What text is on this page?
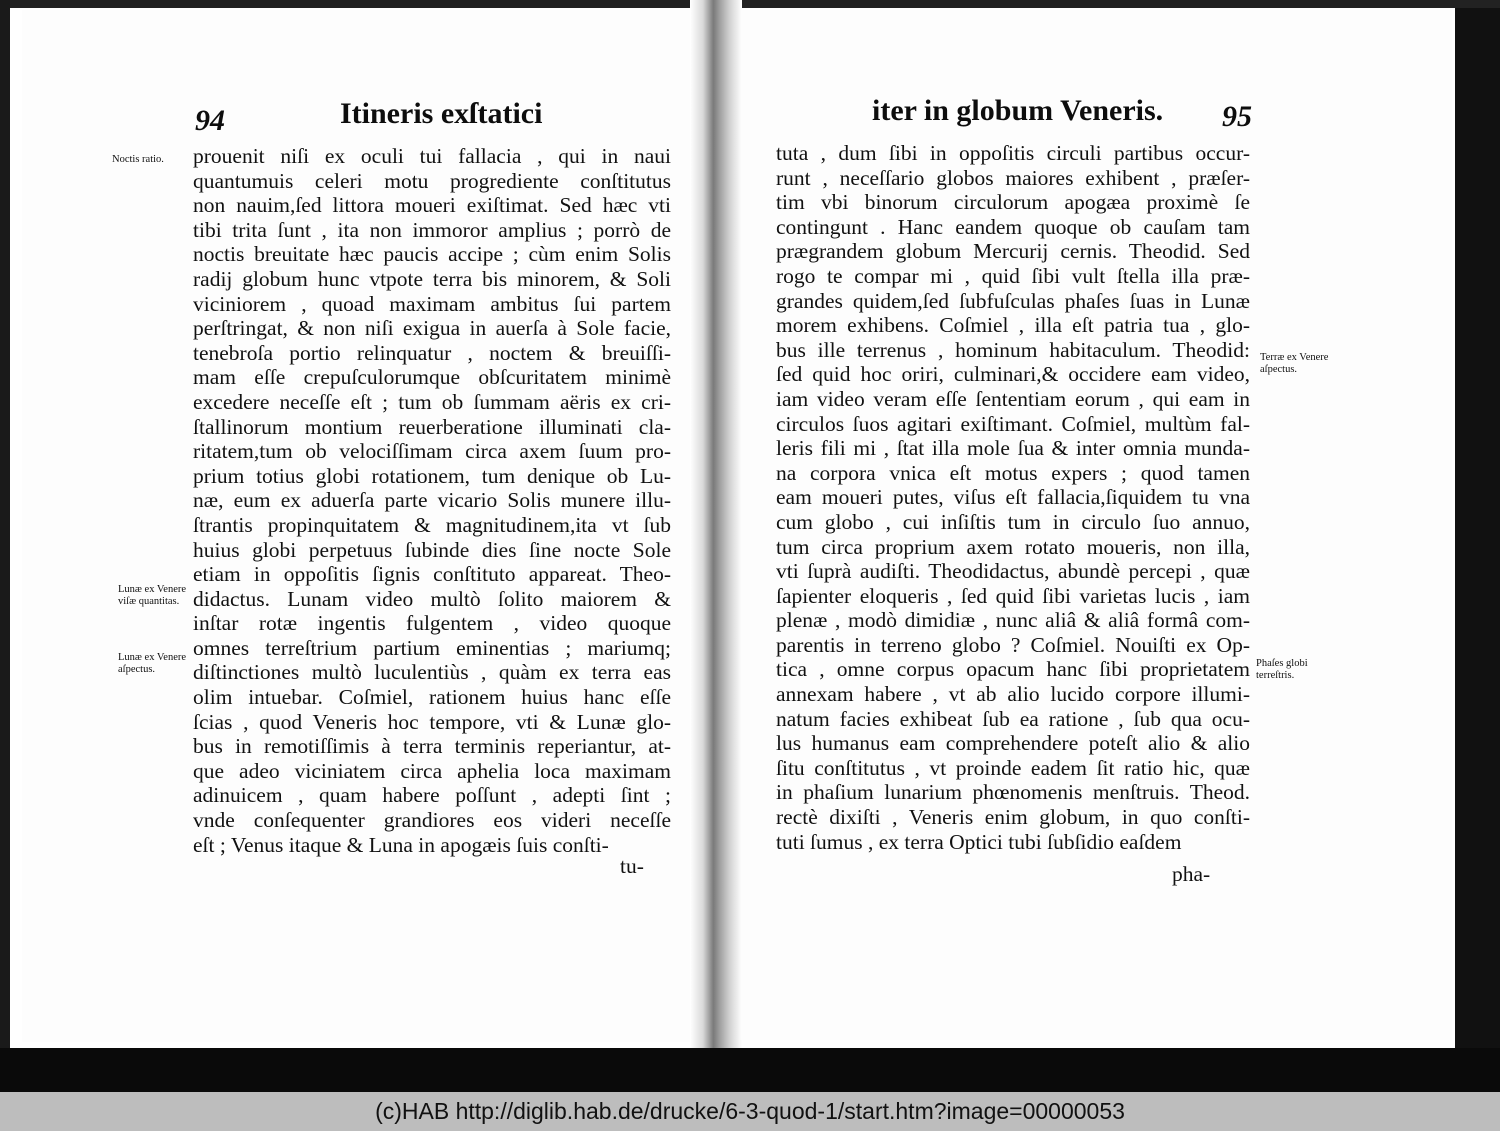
94	Itineris exſtatici
Noctis ratio.
Lunæ ex Venere viſæ quantitas.
Lunæ ex Venere aſpectus.
prouenit niſi ex oculi tui fallacia , qui in naui
quantumuis celeri motu progrediente conſtitutus
non nauim,ſed littora moueri exiſtimat. Sed hæc vti
tibi trita ſunt , ita non immoror amplius ; porrò de
noctis breuitate hæc paucis accipe ; cùm enim Solis
radij globum hunc vtpote terra bis minorem, & Soli
viciniorem , quoad maximam ambitus ſui partem
perſtringat, & non niſi exigua in auerſa à Sole facie,
tenebroſa portio relinquatur , noctem & breuiſſi-
mam eſſe crepuſculorumque obſcuritatem minimè
excedere neceſſe eſt ; tum ob ſummam aëris ex cri-
ſtallinorum montium reuerberatione illuminati cla-
ritatem,tum ob velociſſimam circa axem ſuum pro-
prium totius globi rotationem, tum denique ob Lu-
næ, eum ex aduerſa parte vicario Solis munere illu-
ſtrantis propinquitatem & magnitudinem,ita vt ſub
huius globi perpetuus ſubinde dies ſine nocte Sole
etiam in oppoſitis ſignis conſtituto appareat. Theo-
didactus. Lunam video multò ſolito maiorem &
inſtar rotæ ingentis fulgentem , video quoque
omnes terreſtrium partium eminentias ; mariumq;
diſtinctiones multò luculentiùs , quàm ex terra eas
olim intuebar. Coſmiel, rationem huius hanc eſſe
ſcias , quod Veneris hoc tempore, vti & Lunæ glo-
bus in remotiſſimis à terra terminis reperiantur, at-
que adeo viciniatem circa aphelia loca maximam
adinuicem , quam habere poſſunt , adepti ſint ;
vnde conſequenter grandiores eos videri neceſſe
eſt ; Venus itaque & Luna in apogæis ſuis conſti-
tu-
iter in globum Veneris. 95
tuta , dum ſibi in oppoſitis circuli partibus occur-
runt , neceſſario globos maiores exhibent , præſer-
tim vbi binorum circulorum apogæa proximè ſe
contingunt . Hanc eandem quoque ob cauſam tam
prægrandem globum Mercurij cernis. Theodid. Sed
rogo te compar mi , quid ſibi vult ſtella illa præ-
grandes quidem,ſed ſubfuſculas phaſes ſuas in Lunæ
morem exhibens. Coſmiel , illa eſt patria tua , glo-
bus ille terrenus , hominum habitaculum. Theodid:
ſed quid hoc oriri, culminari,& occidere eam video,
iam video veram eſſe ſententiam eorum , qui eam in
circulos ſuos agitari exiſtimant. Coſmiel, multùm fal-
leris fili mi , ſtat illa mole ſua & inter omnia munda-
na corpora vnica eſt motus expers ; quod tamen
eam moueri putes, viſus eſt fallacia,ſiquidem tu vna
cum globo , cui inſiſtis tum in circulo ſuo annuo,
tum circa proprium axem rotato moueris, non illa,
vti ſuprà audiſti. Theodidactus, abundè percepi , quæ
ſapienter eloqueris , ſed quid ſibi varietas lucis , iam
plenæ , modò dimidiæ , nunc aliâ & aliâ formâ com-
parentis in terreno globo ? Coſmiel. Nouiſti ex Op-
tica , omne corpus opacum hanc ſibi proprietatem
annexam habere , vt ab alio lucido corpore illumi-
natum facies exhibeat ſub ea ratione , ſub qua ocu-
lus humanus eam comprehendere poteſt alio & alio
ſitu conſtitutus , vt proinde eadem ſit ratio hic, quæ
in phaſium lunarium phœnomenis menſtruis. Theod.
rectè dixiſti , Veneris enim globum, in quo conſti-
tuti ſumus , ex terra Optici tubi ſubſidio eaſdem
Terræ ex Venere aſpectus.
Phaſes globi terreſtris.
pha-
(c)HAB http://diglib.hab.de/drucke/6-3-quod-1/start.htm?image=00000053
